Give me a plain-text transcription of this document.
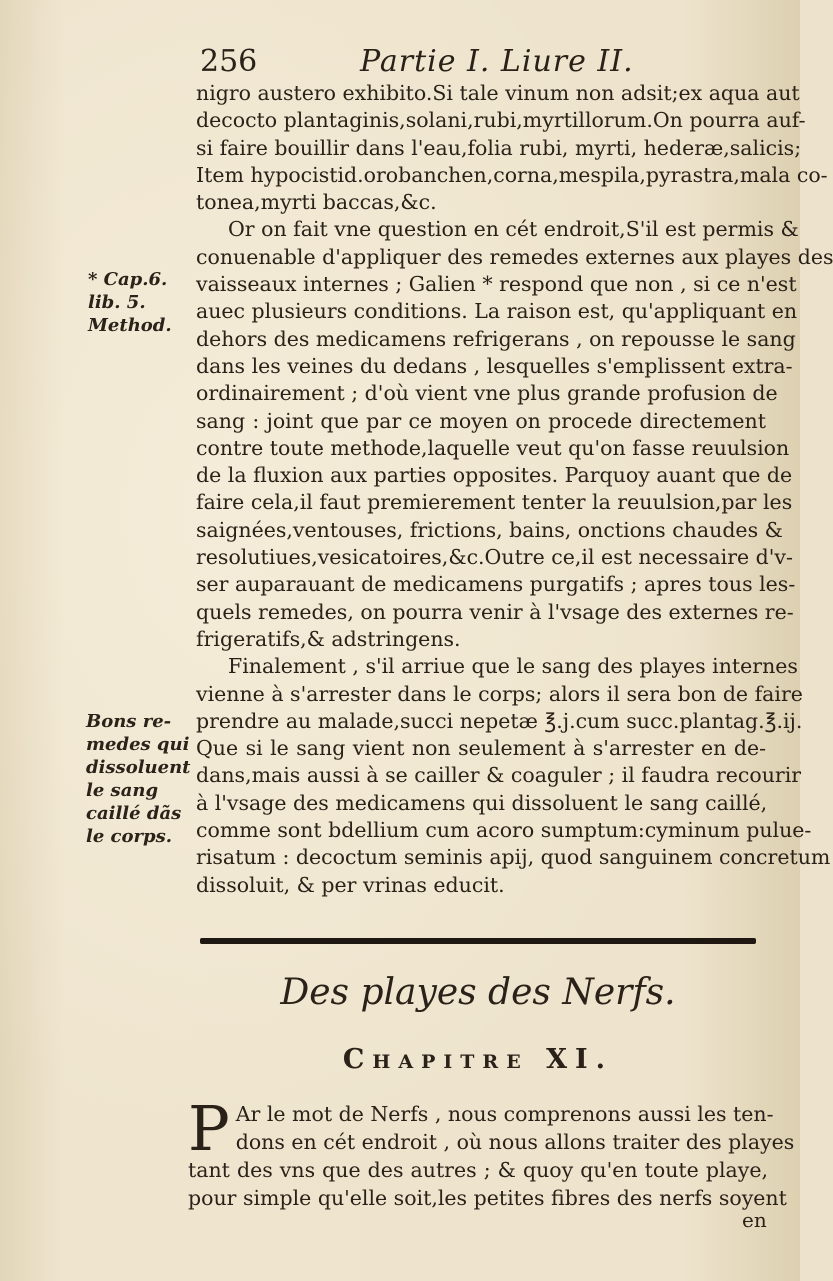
256	Partie I. Liure II.
nigro austero exhibito.Si tale vinum non adsit;ex aqua aut
decocto plantaginis,solani,rubi,myrtillorum.On pourra auf-
si faire bouillir dans l'eau,folia rubi, myrti, hederæ,salicis;
Item hypocistid.orobanchen,corna,mespila,pyrastra,mala co-
tonea,myrti baccas,&c.
Or on fait vne question en cét endroit,S'il est permis &
conuenable d'appliquer des remedes externes aux playes des
vaisseaux internes ; Galien * respond que non , si ce n'est
auec plusieurs conditions. La raison est, qu'appliquant en
dehors des medicamens refrigerans , on repousse le sang
dans les veines du dedans , lesquelles s'emplissent extra-
ordinairement ; d'où vient vne plus grande profusion de
sang : joint que par ce moyen on procede directement
contre toute methode,laquelle veut qu'on fasse reuulsion
de la fluxion aux parties opposites. Parquoy auant que de
faire cela,il faut premierement tenter la reuulsion,par les
saignées,ventouses, frictions, bains, onctions chaudes &
resolutiues,vesicatoires,&c.Outre ce,il est necessaire d'v-
ser auparauant de medicamens purgatifs ; apres tous les-
quels remedes, on pourra venir à l'vsage des externes re-
frigeratifs,& adstringens.
Finalement , s'il arriue que le sang des playes internes
vienne à s'arrester dans le corps; alors il sera bon de faire
prendre au malade,succi nepetæ ℥.j.cum succ.plantag.℥.ij.
Que si le sang vient non seulement à s'arrester en de-
dans,mais aussi à se cailler & coaguler ; il faudra recourir
à l'vsage des medicamens qui dissoluent le sang caillé,
comme sont bdellium cum acoro sumptum:cyminum pulue-
risatum : decoctum seminis apij, quod sanguinem concretum
dissoluit, & per vrinas educit.
* Cap.6.
lib. 5.
Method.
Bons re-
medes qui
dissoluent
le sang
caillé dãs
le corps.
Des playes des Nerfs.
Chapitre XI.
P Ar le mot de Nerfs , nous comprenons aussi les ten-
dons en cét endroit , où nous allons traiter des playes
tant des vns que des autres ; & quoy qu'en toute playe,
pour simple qu'elle soit,les petites fibres des nerfs soyent
en
